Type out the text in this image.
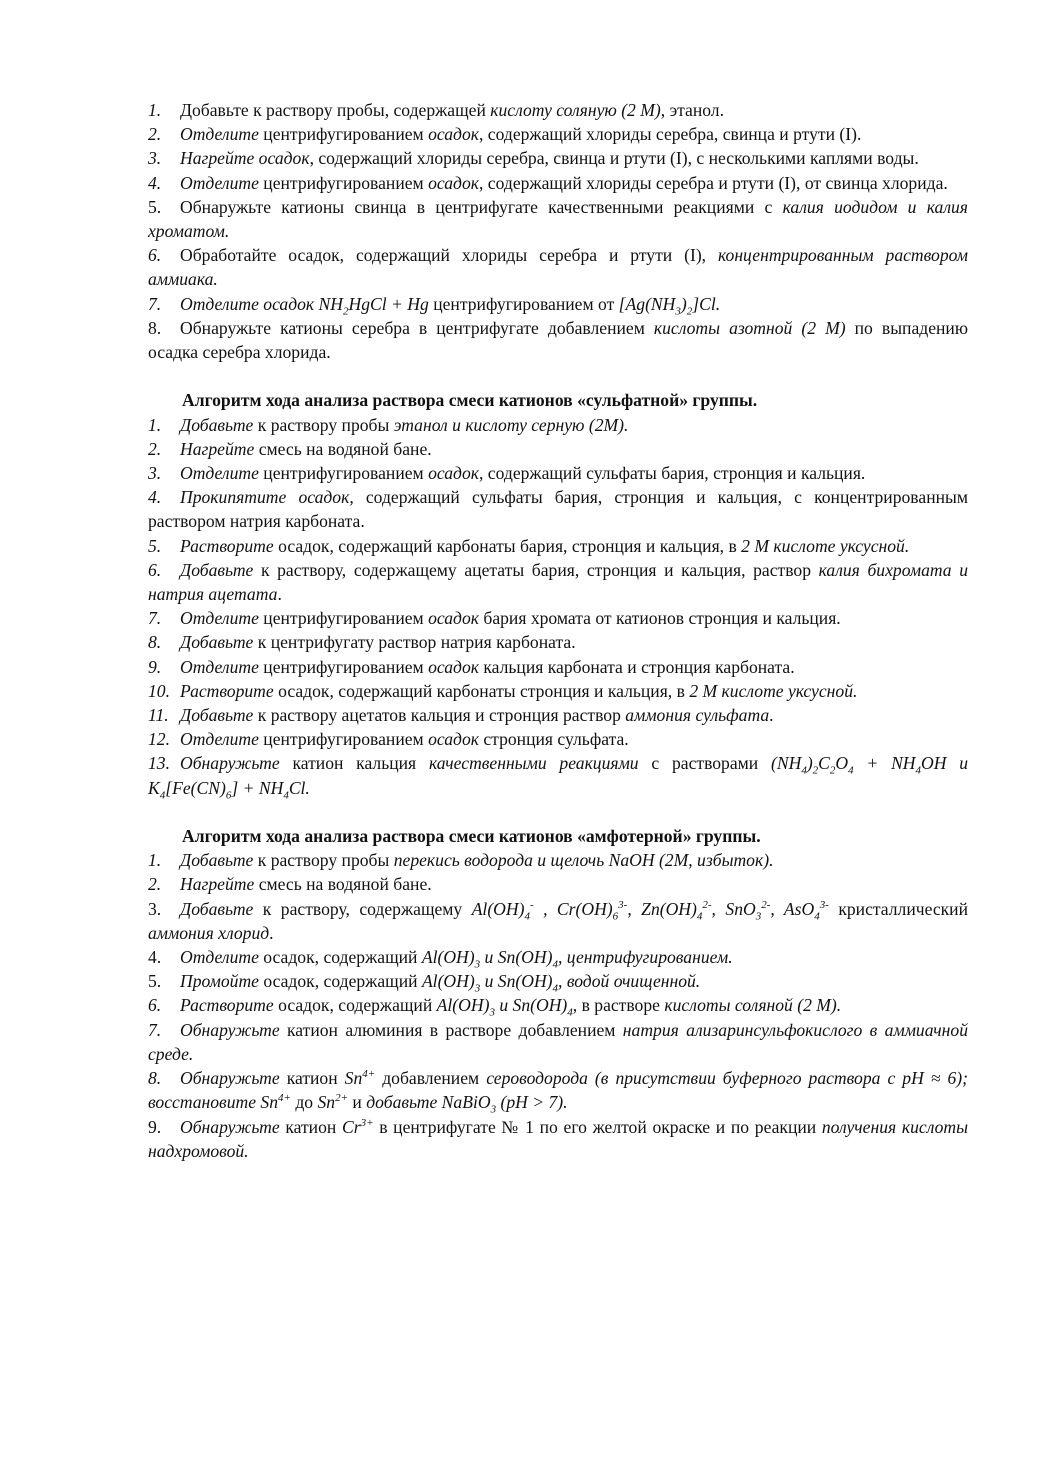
1. Добавьте к раствору пробы, содержащей кислоту соляную (2 М), этанол.

2. Отделите центрифугированием осадок, содержащий хлориды серебра, свинца и ртути (I).

3. Нагрейте осадок, содержащий хлориды серебра, свинца и ртути (I), с несколькими каплями воды.

4. Отделите центрифугированием осадок, содержащий хлориды серебра и ртути (I), от свинца хлорида.

5. Обнаружьте катионы свинца в центрифугате качественными реакциями с калия иодидом и калия хроматом.

6. Обработайте осадок, содержащий хлориды серебра и ртути (I), концентрированным раствором аммиака.

7. Отделите осадок $NH_2HgCl + Hg$ центрифугированием от $[Ag(NH_3)_2]Cl$.

8. Обнаружьте катионы серебра в центрифугате добавлением кислоты азотной (2 М) по выпадению осадка серебра хлорида.

Алгоритм хода анализа раствора смеси катионов «сульфатной» группы.

1. Добавьте к раствору пробы этанол и кислоту серную (2М).

2. Нагрейте смесь на водяной бане.

3. Отделите центрифугированием осадок, содержащий сульфаты бария, стронция и кальция.

4. Прокипятите осадок, содержащий сульфаты бария, стронция и кальция, с концентрированным раствором натрия карбоната.

5. Растворите осадок, содержащий карбонаты бария, стронция и кальция, в 2 М кислоте уксусной.

6. Добавьте к раствору, содержащему ацетаты бария, стронция и кальция, раствор калия бихромата и натрия ацетата.

7. Отделите центрифугированием осадок бария хромата от катионов стронция и кальция.

8. Добавьте к центрифугату раствор натрия карбоната.

9. Отделите центрифугированием осадок кальция карбоната и стронция карбоната.

10. Растворите осадок, содержащий карбонаты стронция и кальция, в 2 М кислоте уксусной.

11. Добавьте к раствору ацетатов кальция и стронция раствор аммония сульфата.

12. Отделите центрифугированием осадок стронция сульфата.

13. Обнаружьте катион кальция качественными реакциями с растворами $(NH_4)_2C_2O_4 + NH_4OH$ и $K_4[Fe(CN)_6] + NH_4Cl$.

Алгоритм хода анализа раствора смеси катионов «амфотерной» группы.

1. Добавьте к раствору пробы перекись водорода и щелочь NaOH (2М, избыток).

2. Нагрейте смесь на водяной бане.

3. Добавьте к раствору, содержащему $Al(OH)_4^-$ , $Cr(OH)_6^{3-}$, $Zn(OH)_4^{2-}$, SnO$_3^{2-}$, AsO$_4^{3-}$ кристаллический аммония хлорид.

4. Отделите осадок, содержащий $Al(OH)_3$ и $Sn(OH)_4$, центрифугированием.

5. Промойте осадок, содержащий $Al(OH)_3$ и $Sn(OH)_4$, водой очищенной.

6. Растворите осадок, содержащий $Al(OH)_3$ и $Sn(OH)_4$, в растворе кислоты соляной (2 М).

7. Обнаружьте катион алюминия в растворе добавлением натрия ализаринсульфокислого в аммиачной среде.

8. Обнаружьте катион $Sn^{4+}$ добавлением сероводорода (в присутствии буферного раствора с pH ≈ 6); восстановите $Sn^{4+}$ до $Sn^{2+}$ и добавьте NaBiO$_3$ (pH > 7).

9. Обнаружьте катион $Cr^{3+}$ в центрифугате № 1 по его желтой окраске и по реакции получения кислоты надхромовой.
